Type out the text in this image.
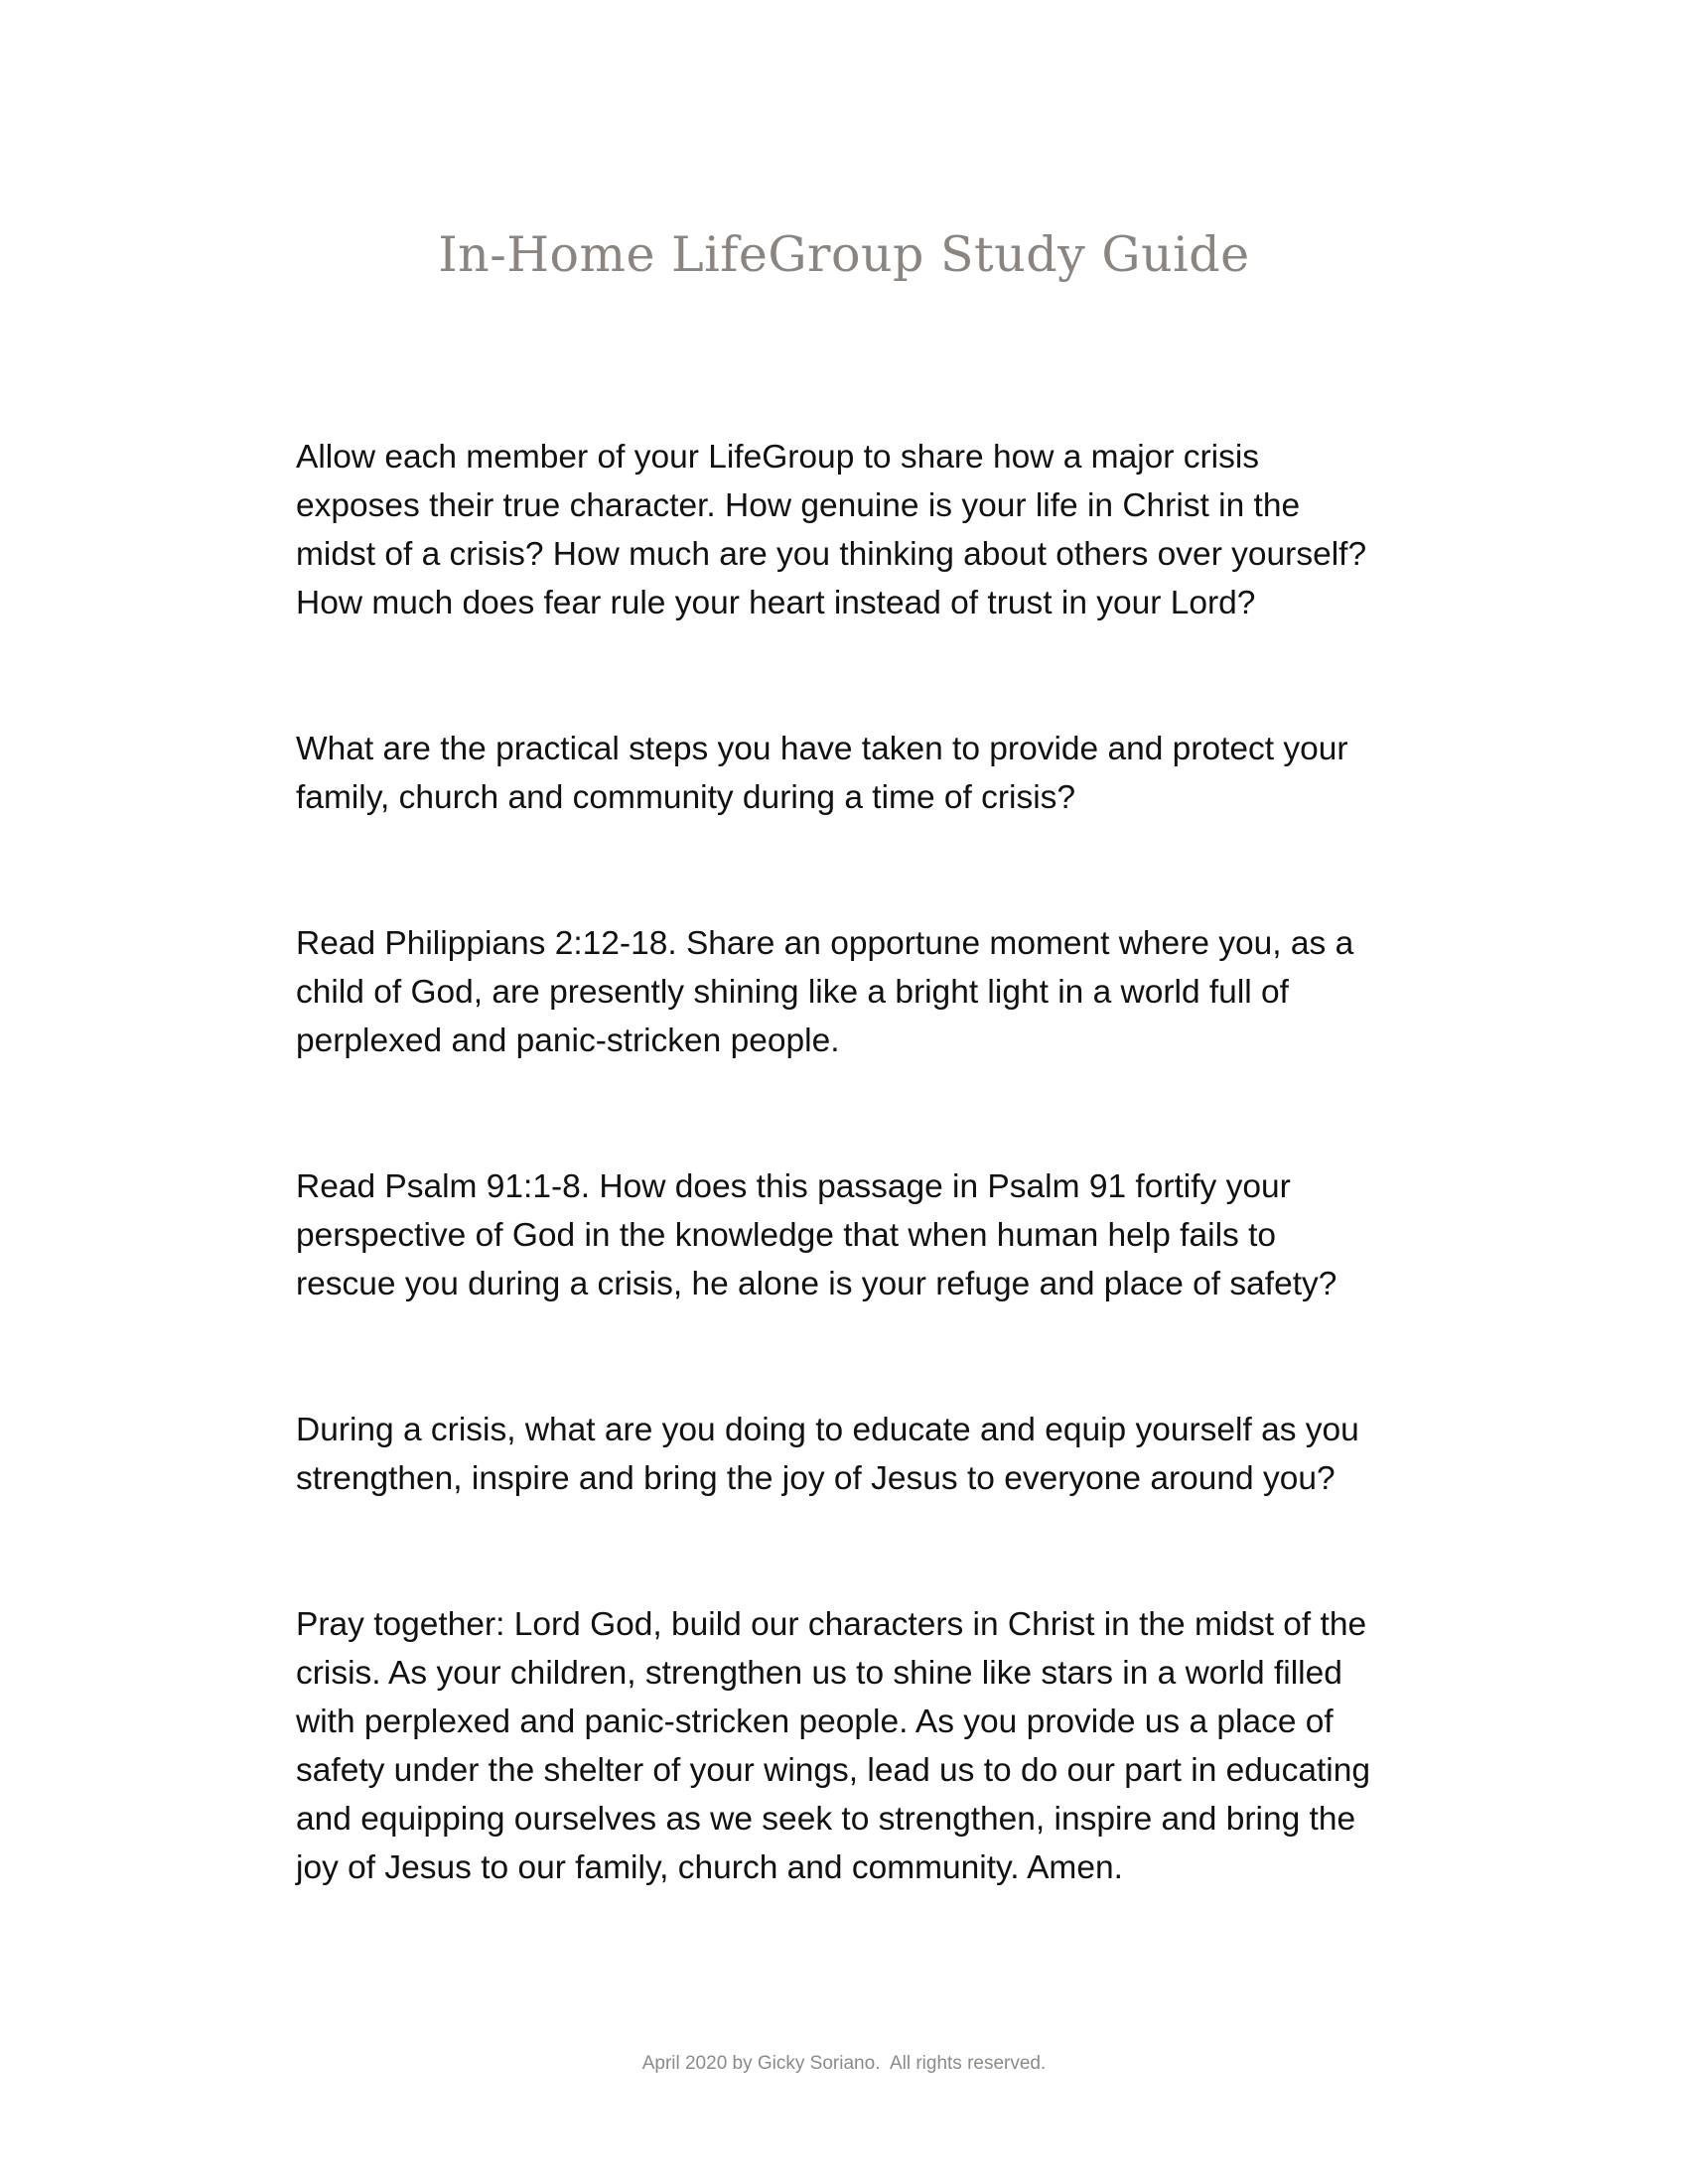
In-Home LifeGroup Study Guide

Allow each member of your LifeGroup to share how a major crisis
exposes their true character. How genuine is your life in Christ in the
midst of a crisis? How much are you thinking about others over yourself?
How much does fear rule your heart instead of trust in your Lord?

What are the practical steps you have taken to provide and protect your
family, church and community during a time of crisis?

Read Philippians 2:12-18. Share an opportune moment where you, as a
child of God, are presently shining like a bright light in a world full of
perplexed and panic-stricken people.

Read Psalm 91:1-8. How does this passage in Psalm 91 fortify your
perspective of God in the knowledge that when human help fails to
rescue you during a crisis, he alone is your refuge and place of safety?

During a crisis, what are you doing to educate and equip yourself as you
strengthen, inspire and bring the joy of Jesus to everyone around you?

Pray together: Lord God, build our characters in Christ in the midst of the
crisis. As your children, strengthen us to shine like stars in a world filled
with perplexed and panic-stricken people. As you provide us a place of
safety under the shelter of your wings, lead us to do our part in educating
and equipping ourselves as we seek to strengthen, inspire and bring the
joy of Jesus to our family, church and community. Amen.

April 2020 by Gicky Soriano.  All rights reserved.
